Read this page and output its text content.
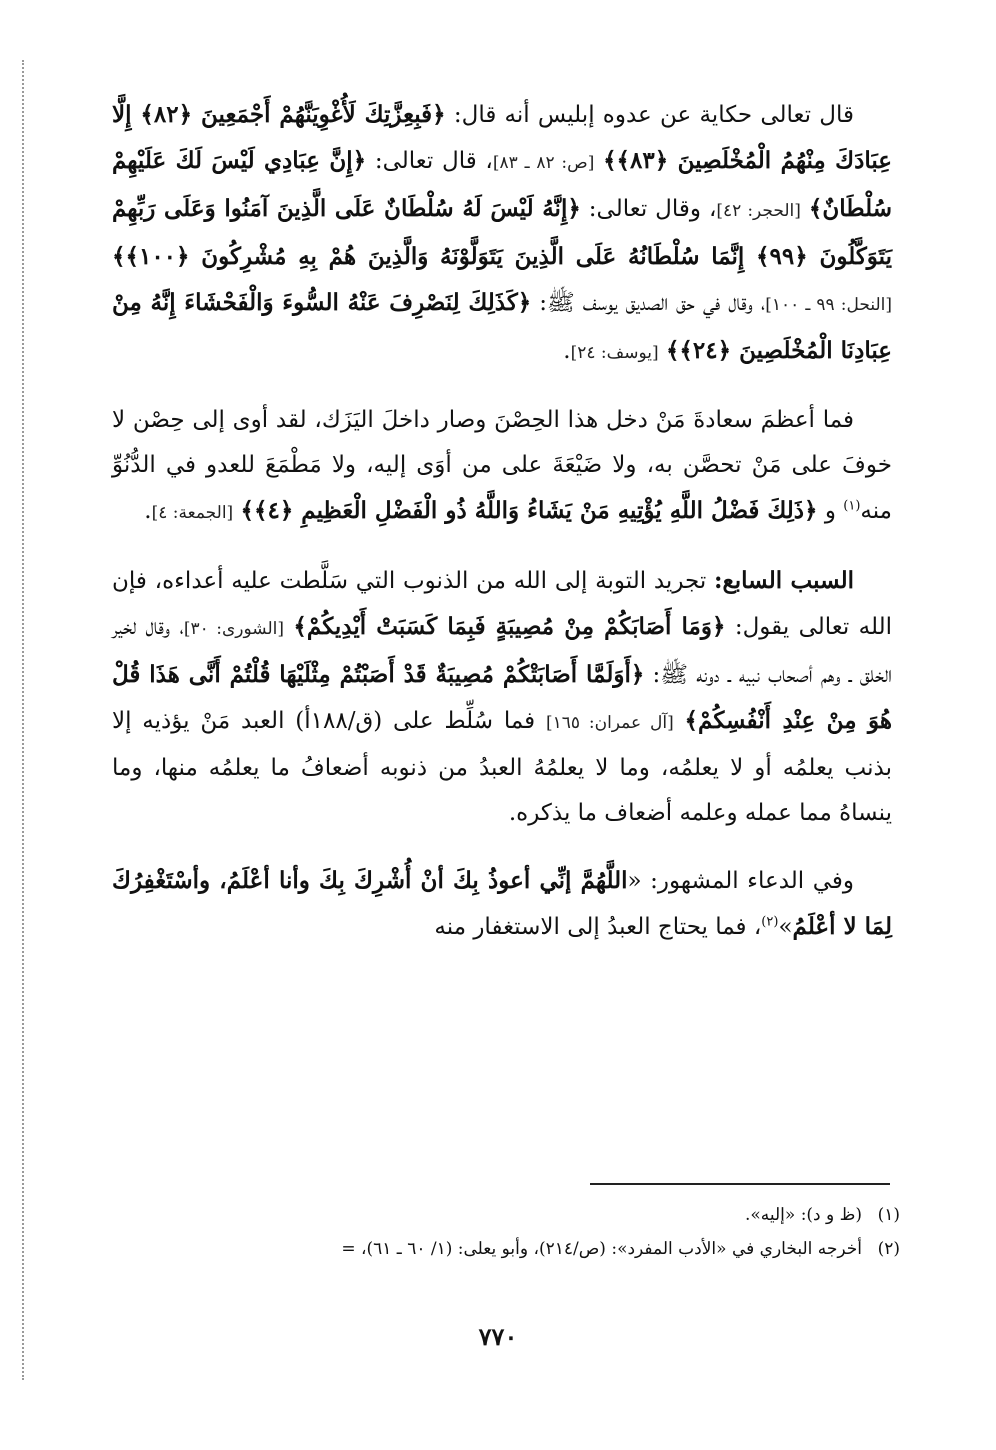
قال تعالى حكاية عن عدوه إبليس أنه قال: ﴿فَبِعِزَّتِكَ لَأُغْوِيَنَّهُمْ أَجْمَعِينَ ﴿٨٢﴾ إِلَّا عِبَادَكَ مِنْهُمُ الْمُخْلَصِينَ ﴿٨٣﴾﴾ [ص: ٨٢ ـ ٨٣]، قال تعالى: ﴿إِنَّ عِبَادِي لَيْسَ لَكَ عَلَيْهِمْ سُلْطَانٌ﴾ [الحجر: ٤٢]، وقال تعالى: ﴿إِنَّهُ لَيْسَ لَهُ سُلْطَانٌ عَلَى الَّذِينَ آمَنُوا وَعَلَى رَبِّهِمْ يَتَوَكَّلُونَ ﴿٩٩﴾ إِنَّمَا سُلْطَانُهُ عَلَى الَّذِينَ يَتَوَلَّوْنَهُ وَالَّذِينَ هُمْ بِهِ مُشْرِكُونَ ﴿١٠٠﴾﴾ [النحل: ٩٩ ـ ١٠٠]، وقال في حق الصديق يوسف ﷺ: ﴿كَذَلِكَ لِنَصْرِفَ عَنْهُ السُّوءَ وَالْفَحْشَاءَ إِنَّهُ مِنْ عِبَادِنَا الْمُخْلَصِينَ ﴿٢٤﴾﴾ [يوسف: ٢٤].

فما أعظمَ سعادةَ مَنْ دخل هذا الحِصْنَ وصار داخلَ اليَزَك، لقد أوى إلى حِصْن لا خوفَ على مَنْ تحصَّن به، ولا ضَيْعَةَ على من أوَى إليه، ولا مَطْمَعَ للعدو في الدُّنُوِّ منه$^{(١)}$ و ﴿ذَلِكَ فَضْلُ اللَّهِ يُؤْتِيهِ مَنْ يَشَاءُ وَاللَّهُ ذُو الْفَضْلِ الْعَظِيمِ ﴿٤﴾﴾ [الجمعة: ٤].

السبب السابع: تجريد التوبة إلى الله من الذنوب التي سَلَّطت عليه أعداءه، فإن الله تعالى يقول: ﴿وَمَا أَصَابَكُمْ مِنْ مُصِيبَةٍ فَبِمَا كَسَبَتْ أَيْدِيكُمْ﴾ [الشورى: ٣٠]، وقال لخير الخلق ـ وهم أصحاب نبيه ـ دونه ﷺ: ﴿أَوَلَمَّا أَصَابَتْكُمْ مُصِيبَةٌ قَدْ أَصَبْتُمْ مِثْلَيْهَا قُلْتُمْ أَنَّى هَذَا قُلْ هُوَ مِنْ عِنْدِ أَنْفُسِكُمْ﴾ [آل عمران: ١٦٥] فما سُلِّط على (ق/١٨٨أ) العبد مَنْ يؤذيه إلا بذنب يعلمُه أو لا يعلمُه، وما لا يعلمُهُ العبدُ من ذنوبه أضعافُ ما يعلمُه منها، وما ينساهُ مما عمله وعلمه أضعاف ما يذكره.

وفي الدعاء المشهور: «اللَّهُمَّ إنِّي أعوذُ بِكَ أنْ أُشْرِكَ بِكَ وأنا أعْلَمُ، وأسْتَغْفِرُكَ لِمَا لا أعْلَمُ»$^{(٢)}$، فما يحتاج العبدُ إلى الاستغفار منه

(١)(ظ و د): «إليه».
(٢)أخرجه البخاري في «الأدب المفرد»: (ص/٢١٤)، وأبو يعلى: (١/ ٦٠ ـ ٦١)، =
٧٧٠
